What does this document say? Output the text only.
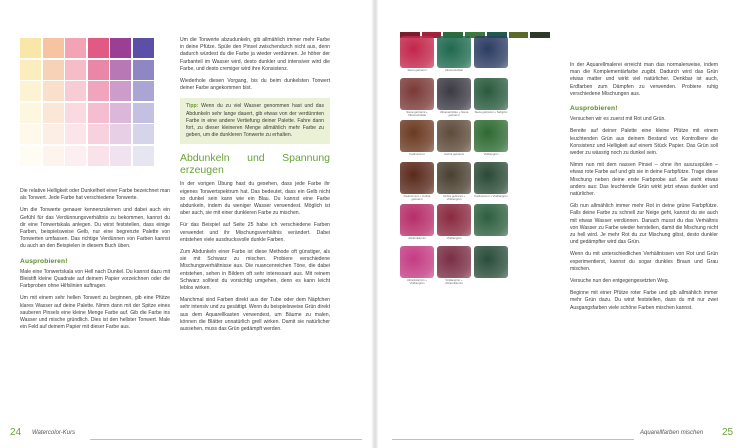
Die relative Helligkeit oder Dunkelheit einer Farbe bezeichnet man als Tonwert. Jede Farbe hat verschiedene Tonwerte.

Um die Tonwerte genauer kennenzulernen und dabei auch ein Gefühl für das Verdünnungsverhältnis zu bekommen, kannst du dir eine Tonwertskala anlegen. Du wirst feststellen, dass einige Farben, beispielsweise Gelb, nur eine begrenzte Palette von Tonwerten umfassen. Das richtige Verdünnen von Farben kannst du auch an den Beispielen in diesem Buch üben.

Ausprobieren!

Male eine Tonwertskala von Hell nach Dunkel. Du kannst dazu mit Bleistift kleine Quadrate auf deinem Papier vorzeichnen oder die Farbproben ohne Hilfslinien auftragen.

Um mit einem sehr hellen Tonwert zu beginnen, gib eine Pfütze klares Wasser auf deine Palette. Nimm dann mit der Spitze eines sauberen Pinsels eine kleine Menge Farbe auf. Gib die Farbe ins Wasser und mische gründlich. Dies ist den hellster Tonwert. Male ein Feld auf deinem Papier mit dieser Farbe aus.

Um die Tonwerte abzudunkeln, gib allmählich immer mehr Farbe in deine Pfütze. Spüle den Pinsel zwischendurch nicht aus, denn dadurch würdest du die Farbe ja wieder verdünnen. Je höher der Farbanteil im Wasser wird, desto dunkler und intensiver wird die Farbe, und desto cremiger wird ihre Konsistenz.

Wiederhole diesen Vorgang, bis du beim dunkelsten Tonwert deiner Farbe angekommen bist.

Tipp: Wenn du zu viel Wasser genommen hast und das Abdunkeln sehr lange dauert, gib etwas von der verdünnten Farbe in eine andere Vertiefung deiner Palette. Fahre dann fort, zu dieser kleineren Menge allmählich mehr Farbe zu geben, um die dunkleren Tonwerte zu erhalten.
Abdunkeln und Spannung erzeugen

In der vorigen Übung hast du gesehen, dass jede Farbe ihr eigenes Tonwertspektrum hat. Das bedeutet, dass ein Gelb nicht so dunkel sein kann wie ein Blau. Du kannst eine Farbe abdunkeln, indem du weniger Wasser verwendest. Möglich ist aber auch, sie mit einer dunkleren Farbe zu mischen.

Für das Beispiel auf Seite 25 habe ich verschiedene Farben verwendet und ihr Mischungsverhältnis verändert. Dabei entstehen viele ausdrucksvolle dunkle Farben.

Zum Abdunkeln einer Farbe ist diese Methode oft günstiger, als sie mit Schwarz zu mischen. Probiere verschiedene Mischungsverhältnisse aus. Die nuancenreichen Töne, die dabei entstehen, sehen in Bildern oft sehr interessant aus. Mit reinem Schwarz solltest du vorsichtig umgehen, denn es kann leicht leblos wirken.

Manchmal sind Farben direkt aus der Tube oder dem Näpfchen sehr intensiv und zu gesättigt. Wenn du beispielsweise Grün direkt aus dem Aquarellkasten verwendest, um Bäume zu malen, können die Blätter unnatürlich grell wirken. Damit sie natürlicher aussehen, muss das Grün gedämpft werden.

24 Watercolor-Kurs
Siena gebrannt	Ultramarinblau
Siena gebrannt + Ultramarinblau
Ultramarinblau + Siena gebrannt
Siena gebrannt + Saftgrün
Kadmiumrot	Umbra gebrannt	Viridiangrün
Kadmiumrot + Umbra gebrannt
Umbra gebrannt + Viridiangrün
Kadmiumrot + Viridiangrün
Alizarinkarmin	Viridiangrün
Alizarinkarmin + Viridiangrün
Viridiangrün + Alizarinkarmin

In der Aquarellmalerei erreicht man das normalerweise, indem man die Komplementärfarbe zugibt. Dadurch wird das Grün etwas matter und wirkt viel natürlicher. Denkbar ist auch, Erdfarben zum Dämpfen zu verwenden. Probiere ruhig verschiedene Mischungen aus.

Ausprobieren!

Versuchen wir es zuerst mit Rot und Grün.

Bereite auf deiner Palette eine kleine Pfütze mit einem leuchtenden Grün aus deinem Bestand vor. Kontrolliere die Konsistenz und Helligkeit auf einem Stück Papier. Das Grün soll weder zu wässrig noch zu dunkel sein.

Nimm nun mit dem nassen Pinsel – ohne ihn auszuspülen – etwas rote Farbe auf und gib sie in deine Farbpfütze. Trage diese Mischung neben deine erste Farbprobe auf. Sie sieht etwas anders aus: Das leuchtende Grün wirkt jetzt etwas dunkler und natürlicher.

Gib nun allmählich immer mehr Rot in deine grüne Farbpfütze. Falls deine Farbe zu schnell zur Neige geht, kannst du sie auch mit etwas Wasser verdünnen. Danach musst du das Verhältnis von Wasser zu Farbe wieder herstellen, damit die Mischung nicht zu hell wird. Je mehr Rot du zur Mischung gibst, desto dunkler und gedämpfter wird das Grün.

Wenn du mit unterschiedlichen Verhältnissen von Rot und Grün experimentierst, kannst du sogar dunkles Braun und Grau mischen.

Versuche nun den entgegengesetzten Weg.

Beginne mit einer Pfütze roter Farbe und gib allmählich immer mehr Grün dazu. Du wirst feststellen, dass du mit nur zwei Ausgangsfarben viele schöne Farben mischen kannst.

Aquarellfarben mischen 25
